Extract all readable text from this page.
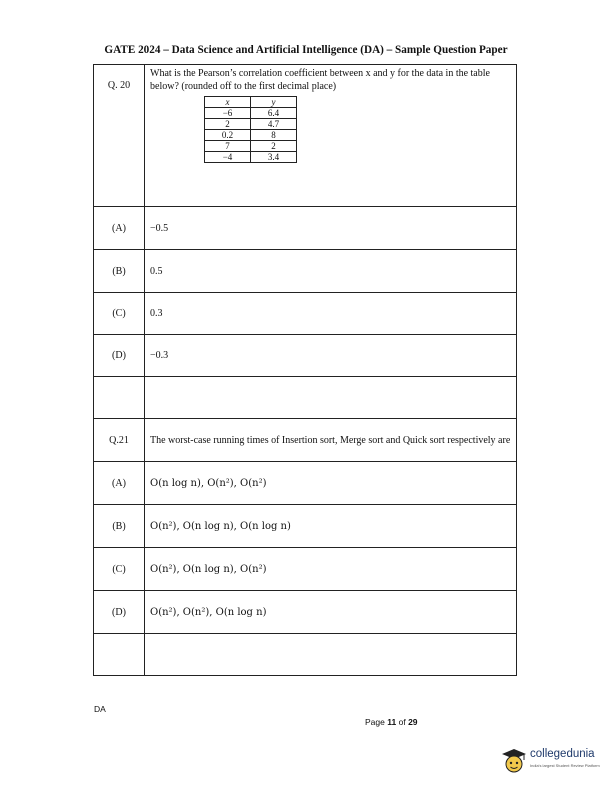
GATE 2024 – Data Science and Artificial Intelligence (DA) – Sample Question Paper
Q. 20	
What is the Pearson’s correlation coefficient between x and y for the data in the table below? (rounded off to the first decimal place)
x	y
−6	6.4
2	4.7
0.2	8
7	2
−4	3.4

(A)	−0.5
(B)	0.5
(C)	0.3
(D)	−0.3

Q.21	The worst-case running times of Insertion sort, Merge sort and Quick sort respectively are
(A)	O(n log n), O(n²), O(n²)
(B)	O(n²), O(n log n), O(n log n)
(C)	O(n²), O(n log n), O(n²)
(D)	O(n²), O(n²), O(n log n)

DA
Page 11 of 29
collegedunia
India's largest Student Review Platform
